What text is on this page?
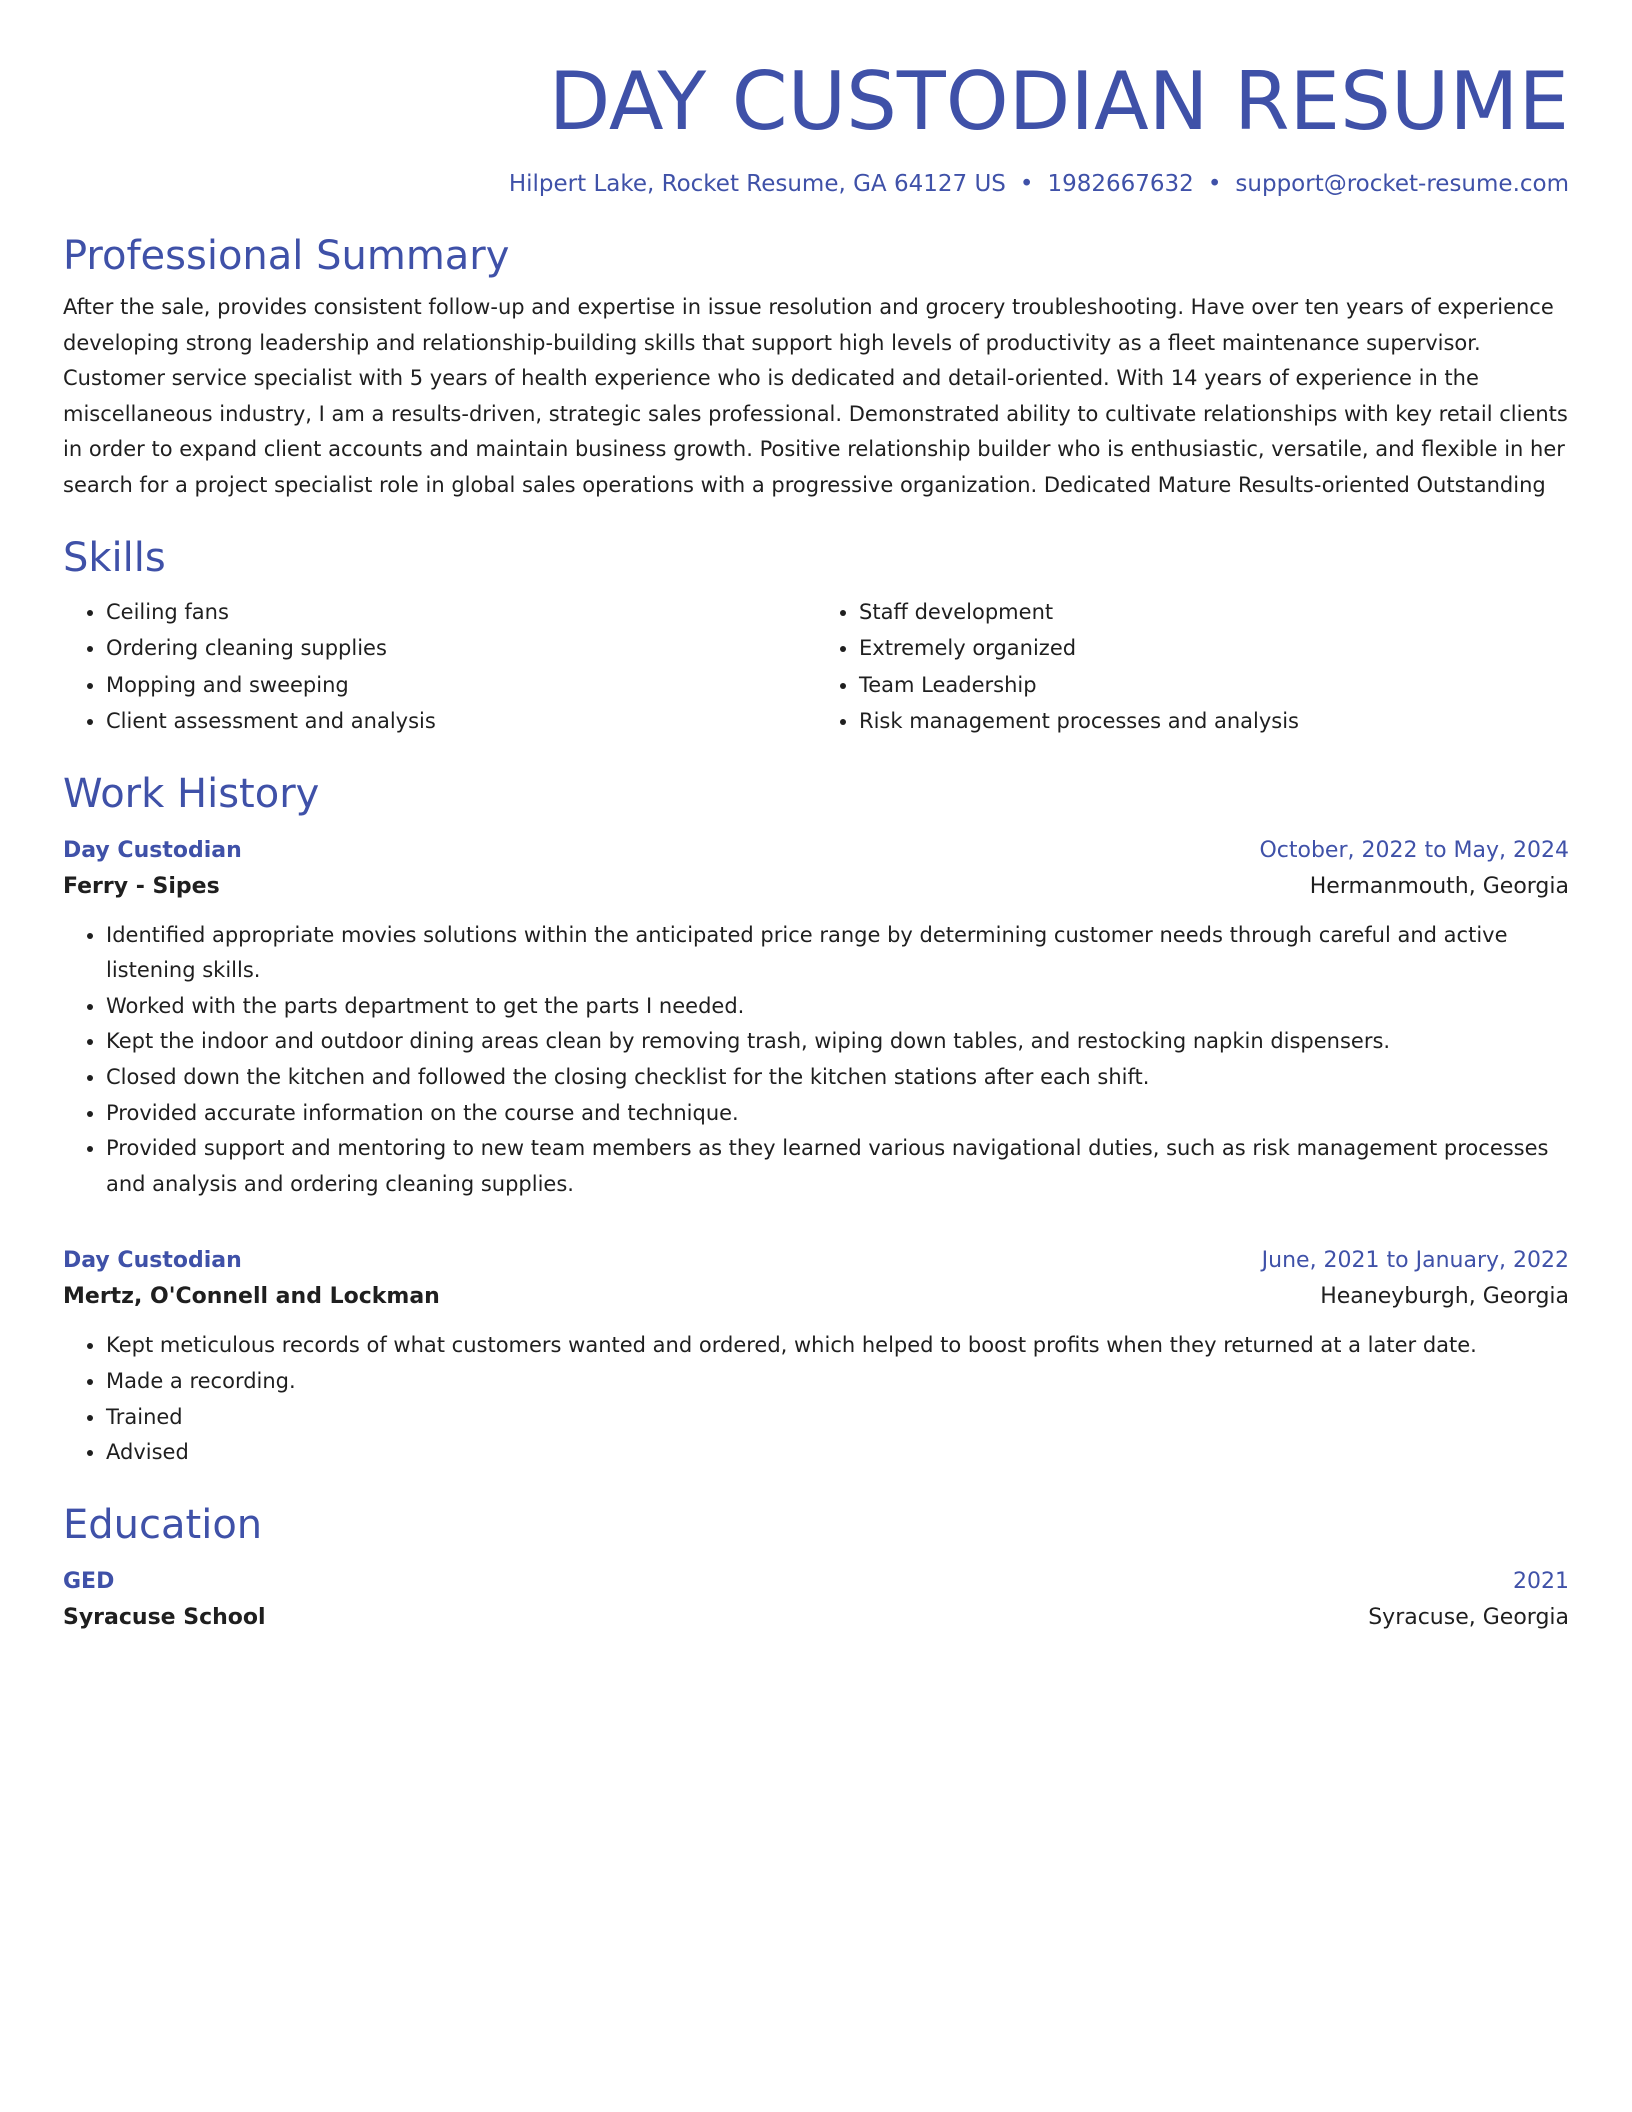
DAY CUSTODIAN RESUME
Hilpert Lake, Rocket Resume, GA 64127 US • 1982667632 • support@rocket-resume.com
Professional Summary

After the sale, provides consistent follow-up and expertise in issue resolution and grocery troubleshooting. Have over ten years of experience developing strong leadership and relationship-building skills that support high levels of productivity as a fleet maintenance supervisor. Customer service specialist with 5 years of health experience who is dedicated and detail-oriented. With 14 years of experience in the miscellaneous industry, I am a results-driven, strategic sales professional. Demonstrated ability to cultivate relationships with key retail clients in order to expand client accounts and maintain business growth. Positive relationship builder who is enthusiastic, versatile, and flexible in her search for a project specialist role in global sales operations with a progressive organization. Dedicated Mature Results-oriented Outstanding

Skills
• Ceiling fans
• Ordering cleaning supplies
• Mopping and sweeping
• Client assessment and analysis
• Staff development
• Extremely organized
• Team Leadership
• Risk management processes and analysis
Work History
Day Custodian	October, 2022 to May, 2024
Ferry - Sipes	Hermanmouth, Georgia
• Identified appropriate movies solutions within the anticipated price range by determining customer needs through careful and active listening skills.
• Worked with the parts department to get the parts I needed.
• Kept the indoor and outdoor dining areas clean by removing trash, wiping down tables, and restocking napkin dispensers.
• Closed down the kitchen and followed the closing checklist for the kitchen stations after each shift.
• Provided accurate information on the course and technique.
• Provided support and mentoring to new team members as they learned various navigational duties, such as risk management processes and analysis and ordering cleaning supplies.
Day Custodian	June, 2021 to January, 2022
Mertz, O'Connell and Lockman	Heaneyburgh, Georgia
• Kept meticulous records of what customers wanted and ordered, which helped to boost profits when they returned at a later date.
• Made a recording.
• Trained
• Advised
Education
GED	2021
Syracuse School	Syracuse, Georgia
